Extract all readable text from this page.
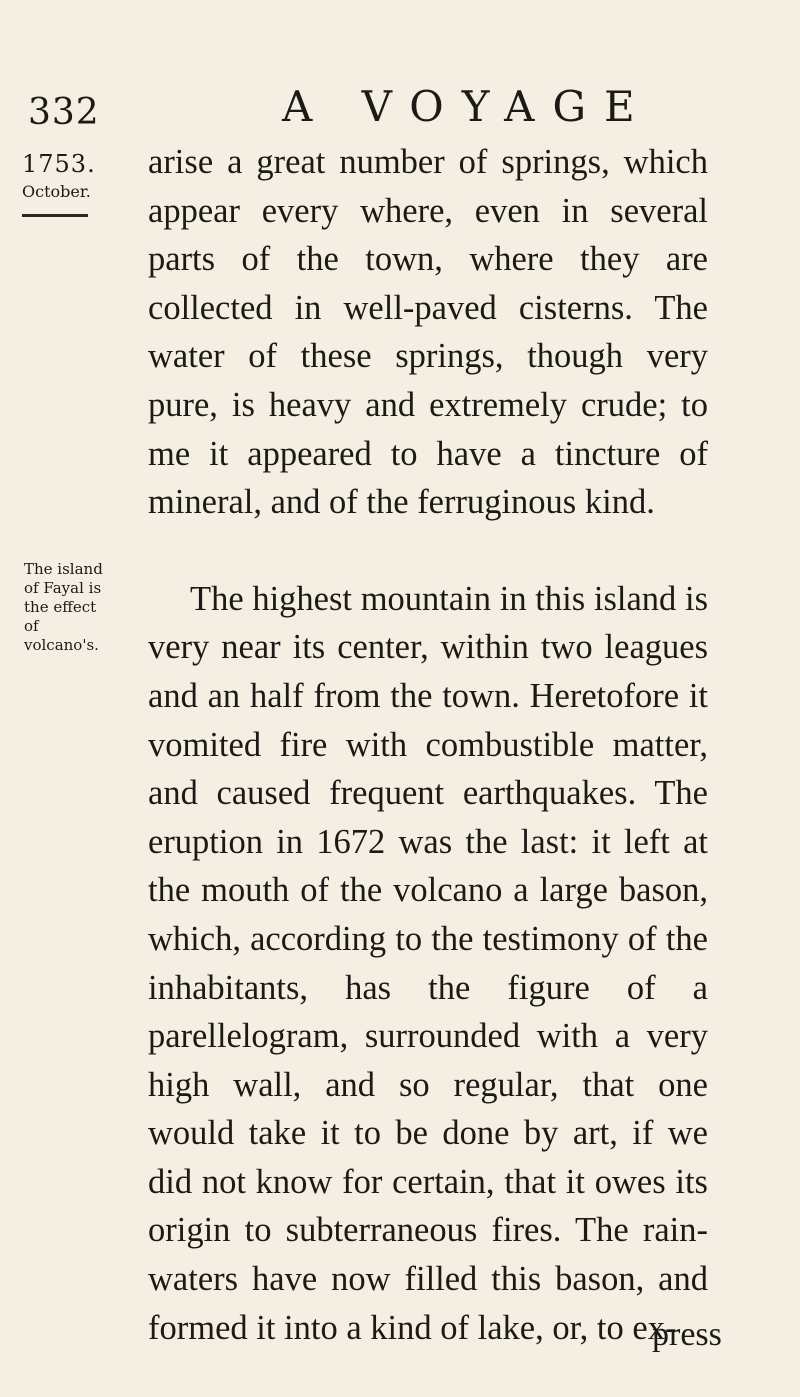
332	A VOYAGE
1753.
October.
The island
of Fayal is
the effect of
volcano's.

arise a great number of springs, which appear every where, even in several parts of the town, where they are collected in well-paved cisterns. The water of these springs, though very pure, is heavy and extremely crude; to me it appeared to have a tincture of mineral, and of the ferruginous kind.

The highest mountain in this island is very near its center, within two leagues and an half from the town. Heretofore it vomited fire with combustible matter, and caused frequent earthquakes. The eruption in 1672 was the last: it left at the mouth of the volcano a large bason, which, according to the testimony of the inhabitants, has the figure of a parellelogram, surrounded with a very high wall, and so regular, that one would take it to be done by art, if we did not know for certain, that it owes its origin to subterraneous fires. The rain-waters have now filled this bason, and formed it into a kind of lake, or, to ex-

press
